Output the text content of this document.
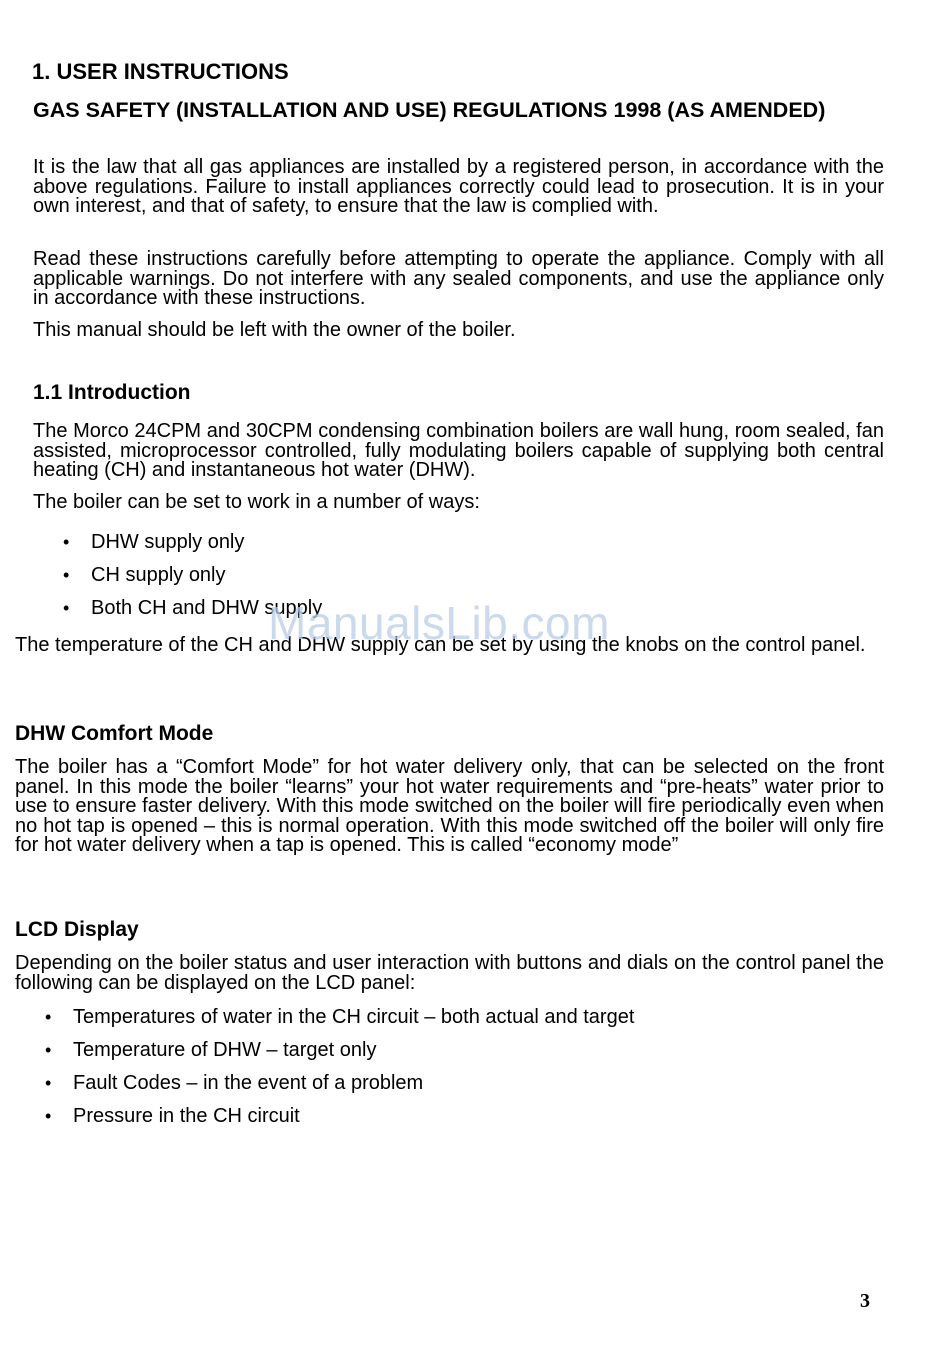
1. USER INSTRUCTIONS
GAS SAFETY (INSTALLATION AND USE) REGULATIONS 1998 (AS AMENDED)
It is the law that all gas appliances are installed by a registered person, in accordance with the above regulations. Failure to install appliances correctly could lead to prosecution. It is in your own interest, and that of safety, to ensure that the law is complied with.
Read these instructions carefully before attempting to operate the appliance. Comply with all applicable warnings. Do not interfere with any sealed components, and use the appliance only in accordance with these instructions.
This manual should be left with the owner of the boiler.
1.1 Introduction
The Morco 24CPM and 30CPM condensing combination boilers are wall hung, room sealed, fan assisted, microprocessor controlled, fully modulating boilers capable of supplying both central heating (CH) and instantaneous hot water (DHW).
The boiler can be set to work in a number of ways:
• DHW supply only
• CH supply only
• Both CH and DHW supply
The temperature of the CH and DHW supply can be set by using the knobs on the control panel.
ManualsLib.com
DHW Comfort Mode
The boiler has a “Comfort Mode” for hot water delivery only, that can be selected on the front panel. In this mode the boiler “learns” your hot water requirements and “pre-heats” water prior to use to ensure faster delivery. With this mode switched on the boiler will fire periodically even when no hot tap is opened – this is normal operation. With this mode switched off the boiler will only fire for hot water delivery when a tap is opened. This is called “economy mode”
LCD Display
Depending on the boiler status and user interaction with buttons and dials on the control panel the following can be displayed on the LCD panel:
• Temperatures of water in the CH circuit – both actual and target
• Temperature of DHW – target only
• Fault Codes – in the event of a problem
• Pressure in the CH circuit
3
